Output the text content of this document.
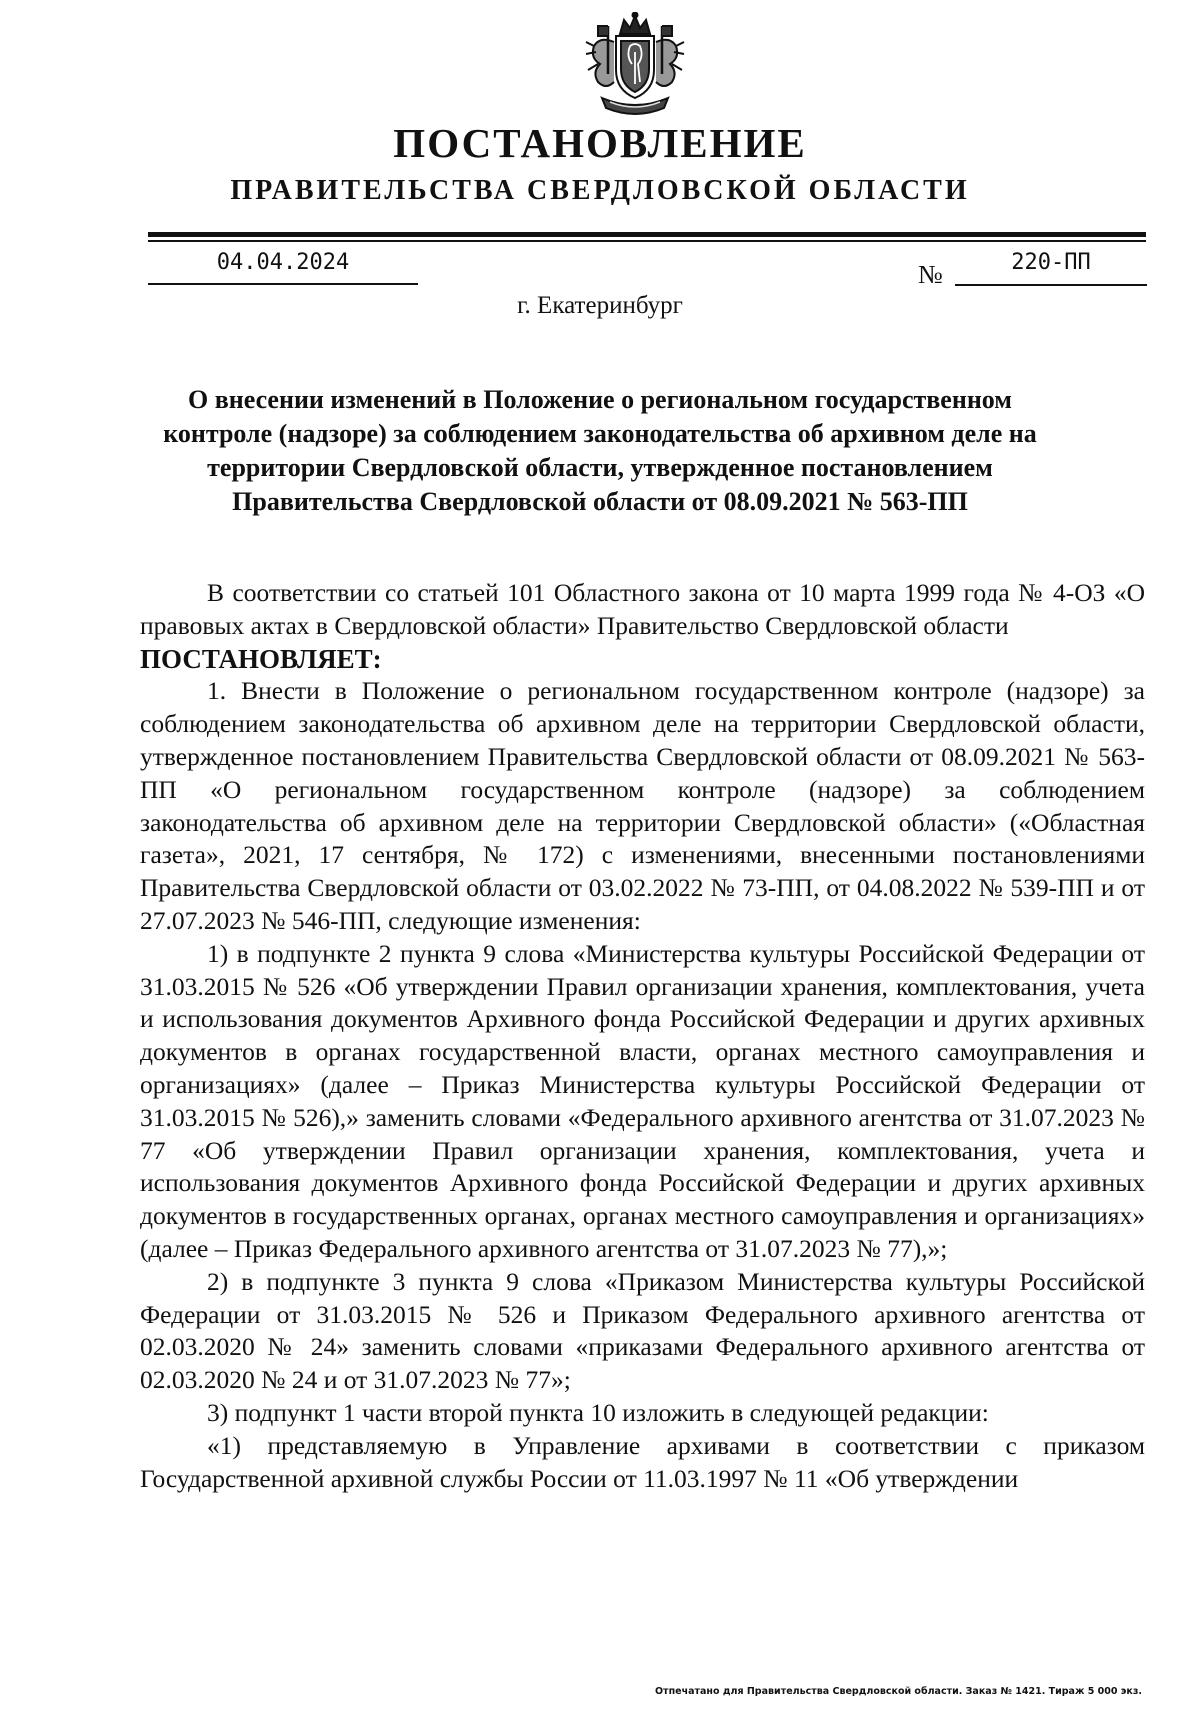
ПОСТАНОВЛЕНИЕ
ПРАВИТЕЛЬСТВА СВЕРДЛОВСКОЙ ОБЛАСТИ
04.04.2024	№	220-ПП
г. Екатеринбург
О внесении изменений в Положение о региональном государственном контроле (надзоре) за соблюдением законодательства об архивном деле на территории Свердловской области, утвержденное постановлением Правительства Свердловской области от 08.09.2021 № 563-ПП

В соответствии со статьей 101 Областного закона от 10 марта 1999 года № 4-ОЗ «О правовых актах в Свердловской области» Правительство Свердловской области

ПОСТАНОВЛЯЕТ:

1. Внести в Положение о региональном государственном контроле (надзоре) за соблюдением законодательства об архивном деле на территории Свердловской области, утвержденное постановлением Правительства Свердловской области от 08.09.2021 № 563-ПП «О региональном государственном контроле (надзоре) за соблюдением законодательства об архивном деле на территории Свердловской области» («Областная газета», 2021, 17 сентября, № 172) с изменениями, внесенными постановлениями Правительства Свердловской области от 03.02.2022 № 73-ПП, от 04.08.2022 № 539-ПП и от 27.07.2023 № 546-ПП, следующие изменения:

1) в подпункте 2 пункта 9 слова «Министерства культуры Российской Федерации от 31.03.2015 № 526 «Об утверждении Правил организации хранения, комплектования, учета и использования документов Архивного фонда Российской Федерации и других архивных документов в органах государственной власти, органах местного самоуправления и организациях» (далее – Приказ Министерства культуры Российской Федерации от 31.03.2015 № 526),» заменить словами «Федерального архивного агентства от 31.07.2023 № 77 «Об утверждении Правил организации хранения, комплектования, учета и использования документов Архивного фонда Российской Федерации и других архивных документов в государственных органах, органах местного самоуправления и организациях» (далее – Приказ Федерального архивного агентства от 31.07.2023 № 77),»;

2) в подпункте 3 пункта 9 слова «Приказом Министерства культуры Российской Федерации от 31.03.2015 № 526 и Приказом Федерального архивного агентства от 02.03.2020 № 24» заменить словами «приказами Федерального архивного агентства от 02.03.2020 № 24 и от 31.07.2023 № 77»;

3) подпункт 1 части второй пункта 10 изложить в следующей редакции:

«1) представляемую в Управление архивами в соответствии с приказом Государственной архивной службы России от 11.03.1997 № 11 «Об утверждении

Отпечатано для Правительства Свердловской области. Заказ № 1421. Тираж 5 000 экз.
